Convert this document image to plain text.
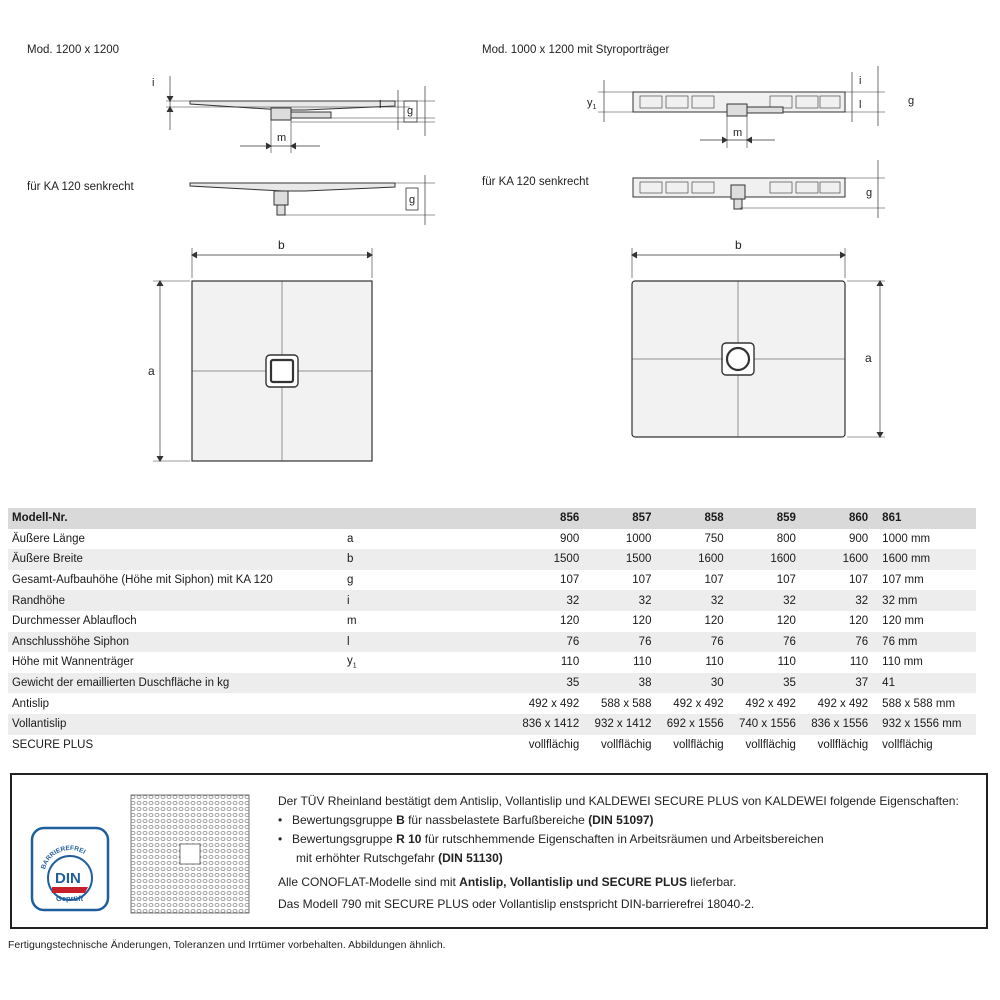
Mod. 1200 x 1200	Mod. 1000 x 1200 mit Styroporträger
für KA 120 senkrecht	für KA 120 senkrecht
i
l g
m
g
b
a
$y_1$
i
l	g
m
g
b
a
Modell-Nr.		856	857	858	859	860	861
Äußere Länge	a	900	1000	750	800	900	1000 mm
Äußere Breite	b	1500	1500	1600	1600	1600	1600 mm
Gesamt-Aufbauhöhe (Höhe mit Siphon) mit KA 120	g	107	107	107	107	107	107 mm
Randhöhe	i	32	32	32	32	32	32 mm
Durchmesser Ablaufloch	m	120	120	120	120	120	120 mm
Anschlusshöhe Siphon	l	76	76	76	76	76	76 mm
Höhe mit Wannenträger	$y_1$	110	110	110	110	110	110 mm
Gewicht der emaillierten Duschfläche in kg		35	38	30	35	37	41
Antislip		492 x 492	588 x 588	492 x 492	492 x 492	492 x 492	588 x 588 mm
Vollantislip		836 x 1412	932 x 1412	692 x 1556	740 x 1556	836 x 1556	932 x 1556 mm
SECURE PLUS		vollflächig	vollflächig	vollflächig	vollflächig	vollflächig	vollflächig
BARRIEREFREI
DIN
Geprüft

Der TÜV Rheinland bestätigt dem Antislip, Vollantislip und KALDEWEI SECURE PLUS von KALDEWEI folgende Eigenschaften:

• Bewertungsgruppe B für nassbelastete Barfußbereiche (DIN 51097)

• Bewertungsgruppe R 10 für rutschhemmende Eigenschaften in Arbeitsräumen und Arbeitsbereichen

mit erhöhter Rutschgefahr (DIN 51130)

Alle CONOFLAT-Modelle sind mit Antislip, Vollantislip und SECURE PLUS lieferbar.

Das Modell 790 mit SECURE PLUS oder Vollantislip enstspricht DIN-barrierefrei 18040-2.

Fertigungstechnische Änderungen, Toleranzen und Irrtümer vorbehalten. Abbildungen ähnlich.
